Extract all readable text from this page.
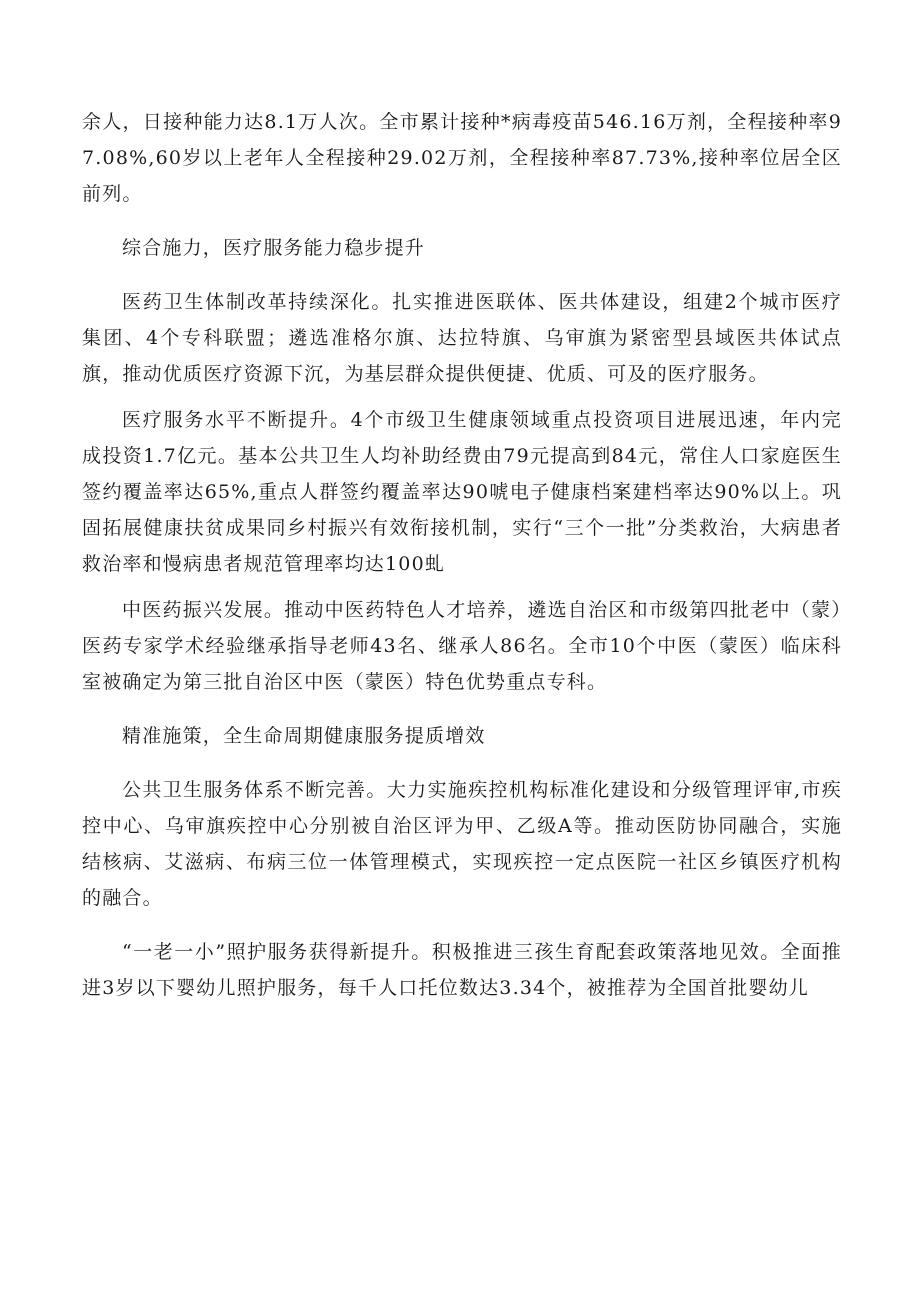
余人，日接种能力达8.1万人次。全市累计接种*病毒疫苗546.16万剂，全程接种率97.08%,60岁以上老年人全程接种29.02万剂，全程接种率87.73%,接种率位居全区前列。

综合施力，医疗服务能力稳步提升

医药卫生体制改革持续深化。扎实推进医联体、医共体建设，组建2个城市医疗集团、4个专科联盟；遴选准格尔旗、达拉特旗、乌审旗为紧密型县域医共体试点旗，推动优质医疗资源下沉，为基层群众提供便捷、优质、可及的医疗服务。

医疗服务水平不断提升。4个市级卫生健康领域重点投资项目进展迅速，年内完成投资1.7亿元。基本公共卫生人均补助经费由79元提高到84元，常住人口家庭医生签约覆盖率达65%,重点人群签约覆盖率达90唬电子健康档案建档率达90%以上。巩固拓展健康扶贫成果同乡村振兴有效衔接机制，实行“三个一批”分类救治，大病患者救治率和慢病患者规范管理率均达100虬

中医药振兴发展。推动中医药特色人才培养，遴选自治区和市级第四批老中（蒙）医药专家学术经验继承指导老师43名、继承人86名。全市10个中医（蒙医）临床科室被确定为第三批自治区中医（蒙医）特色优势重点专科。

精准施策，全生命周期健康服务提质增效

公共卫生服务体系不断完善。大力实施疾控机构标准化建设和分级管理评审,市疾控中心、乌审旗疾控中心分别被自治区评为甲、乙级A等。推动医防协同融合，实施结核病、艾滋病、布病三位一体管理模式，实现疾控一定点医院一社区乡镇医疗机构的融合。

“一老一小”照护服务获得新提升。积极推进三孩生育配套政策落地见效。全面推进3岁以下婴幼儿照护服务，每千人口托位数达3.34个，被推荐为全国首批婴幼儿
